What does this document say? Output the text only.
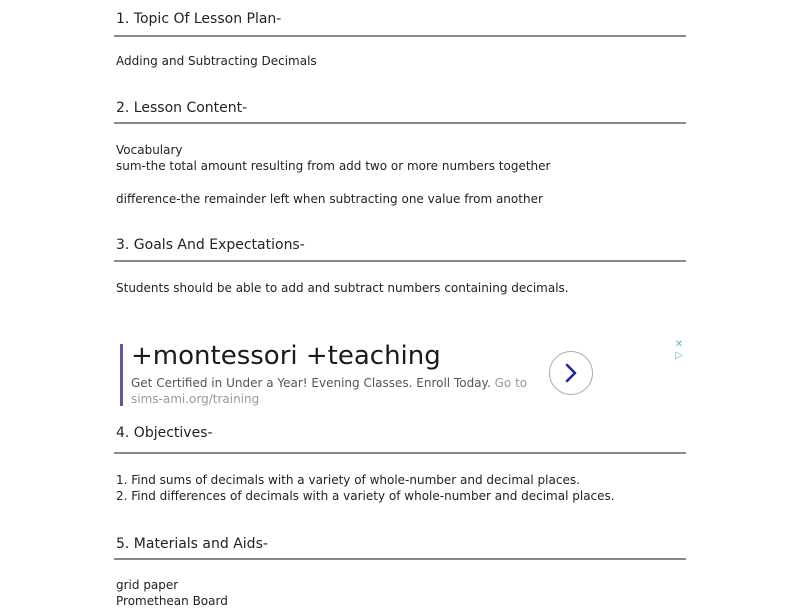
1. Topic Of Lesson Plan-
Adding and Subtracting Decimals
2. Lesson Content-
Vocabulary
sum-the total amount resulting from add two or more numbers together
difference-the remainder left when subtracting one value from another
3. Goals And Expectations-
Students should be able to add and subtract numbers containing decimals.
4. Objectives-
1. Find sums of decimals with a variety of whole-number and decimal places.
2. Find differences of decimals with a variety of whole-number and decimal places.
5. Materials and Aids-
grid paper
Promethean Board
+montessori +teaching
Get Certified in Under a Year! Evening Classes. Enroll Today. Go to sims-ami.org/training
✕
▷
